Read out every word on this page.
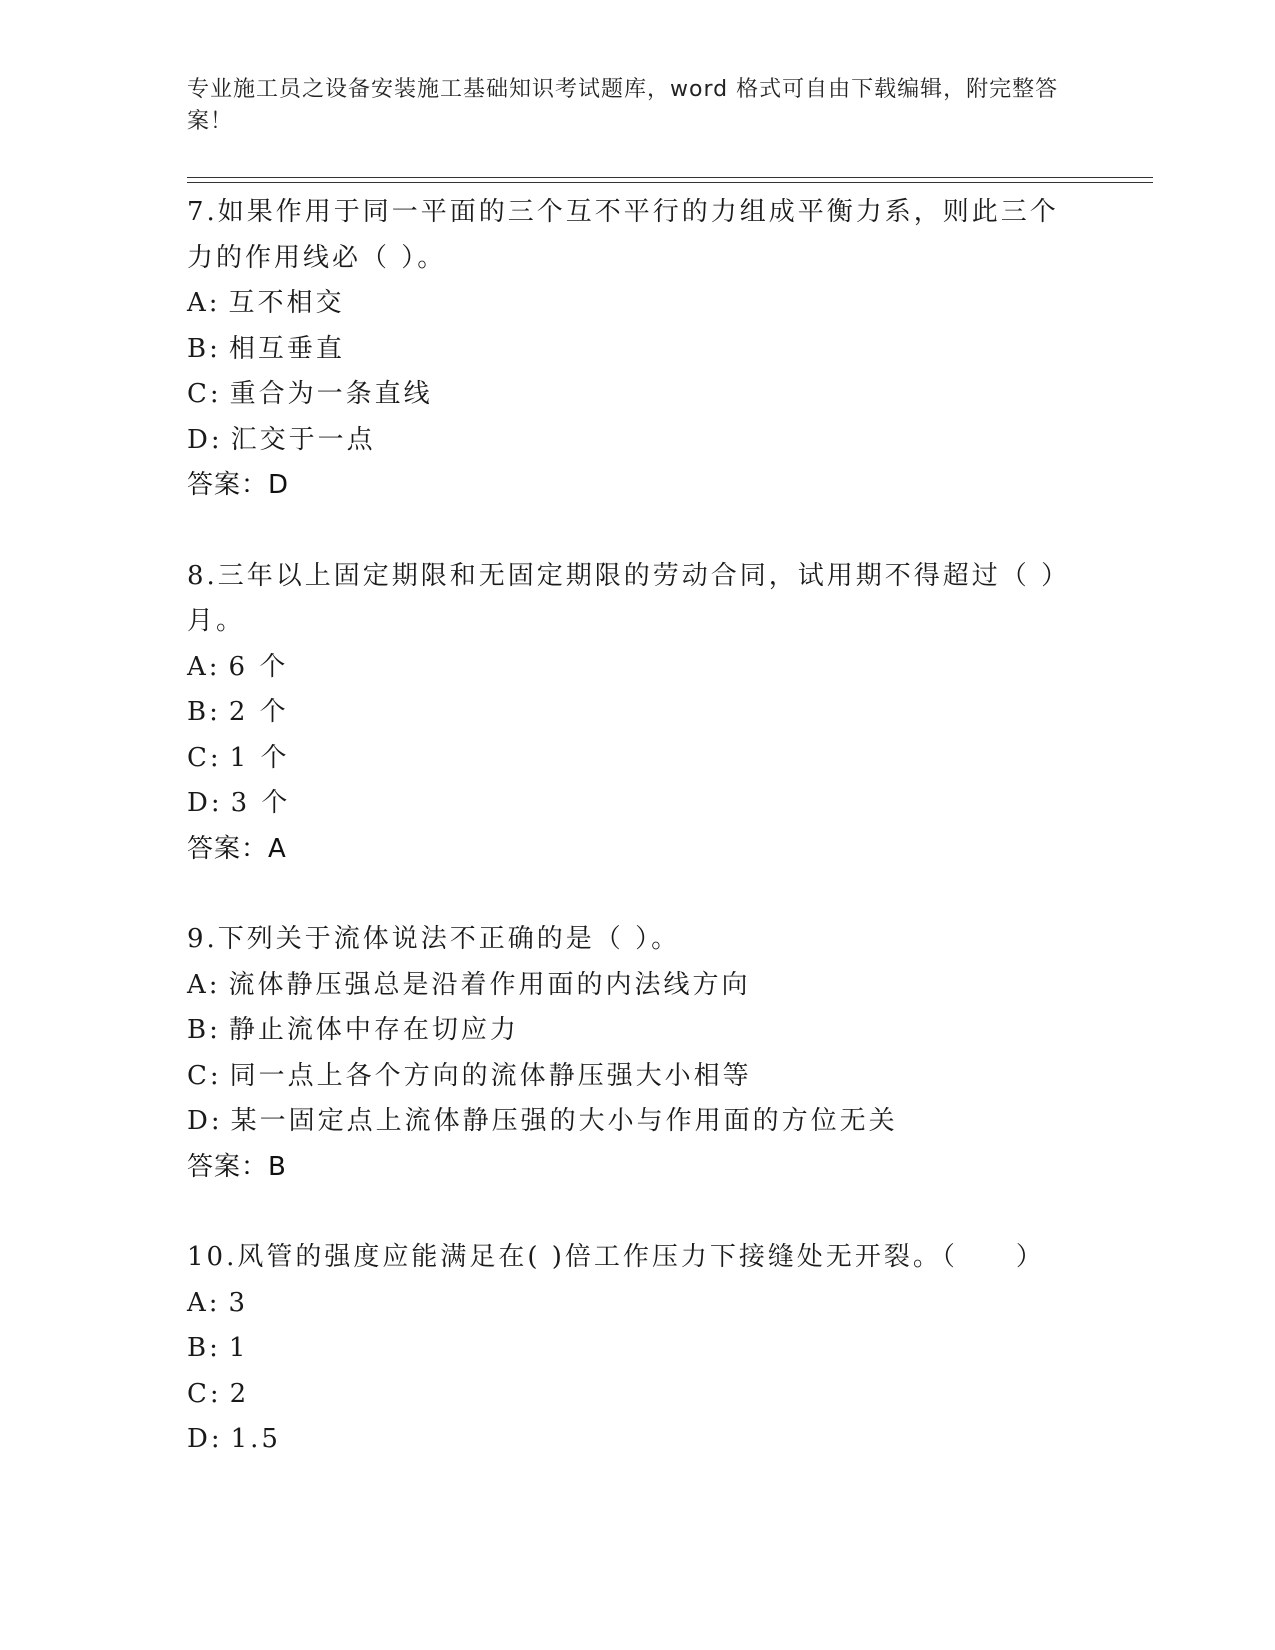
专业施工员之设备安装施工基础知识考试题库，word 格式可自由下载编辑，附完整答案！
7.如果作用于同一平面的三个互不平行的力组成平衡力系，则此三个力的作用线必（ ）。
A: 互不相交
B: 相互垂直
C: 重合为一条直线
D: 汇交于一点
答案：D
8.三年以上固定期限和无固定期限的劳动合同，试用期不得超过（ ）月。
A: 6 个
B: 2 个
C: 1 个
D: 3 个
答案：A
9.下列关于流体说法不正确的是（ ）。
A: 流体静压强总是沿着作用面的内法线方向
B: 静止流体中存在切应力
C: 同一点上各个方向的流体静压强大小相等
D: 某一固定点上流体静压强的大小与作用面的方位无关
答案：B
10.风管的强度应能满足在( )倍工作压力下接缝处无开裂。（　　）
A: 3
B: 1
C: 2
D: 1.5
